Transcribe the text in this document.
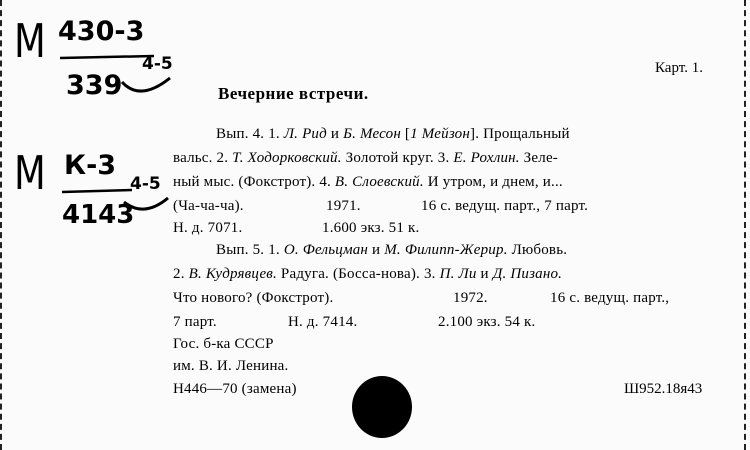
М 430-3
339
4-5
М К-3
4143
4-5
Карт. 1.
Вечерние встречи.
Вып. 4. 1. Л. Рид и Б. Месон [1 Мейзон]. Прощальный
вальс. 2. Т. Ходорковский. Золотой круг. 3. Е. Рохлин. Зеле-
ный мыс. (Фокстрот). 4. В. Слоевский. И утром, и днем, и...
(Ча-ча-ча).	1971.	16 с. ведущ. парт., 7 парт.
Н. д. 7071.	1.600 экз. 51 к.
Вып. 5. 1. О. Фельцман и М. Филипп-Жерир. Любовь.
2. В. Кудрявцев. Радуга. (Босса-нова). 3. П. Ли и Д. Пизано.
Что нового? (Фокстрот).	1972.	16 с. ведущ. парт.,
7 парт.	Н. д. 7414.	2.100 экз. 54 к.
Гос. б-ка СССР
им. В. И. Ленина.
Н446—70 (замена)	Ш952.18я43
